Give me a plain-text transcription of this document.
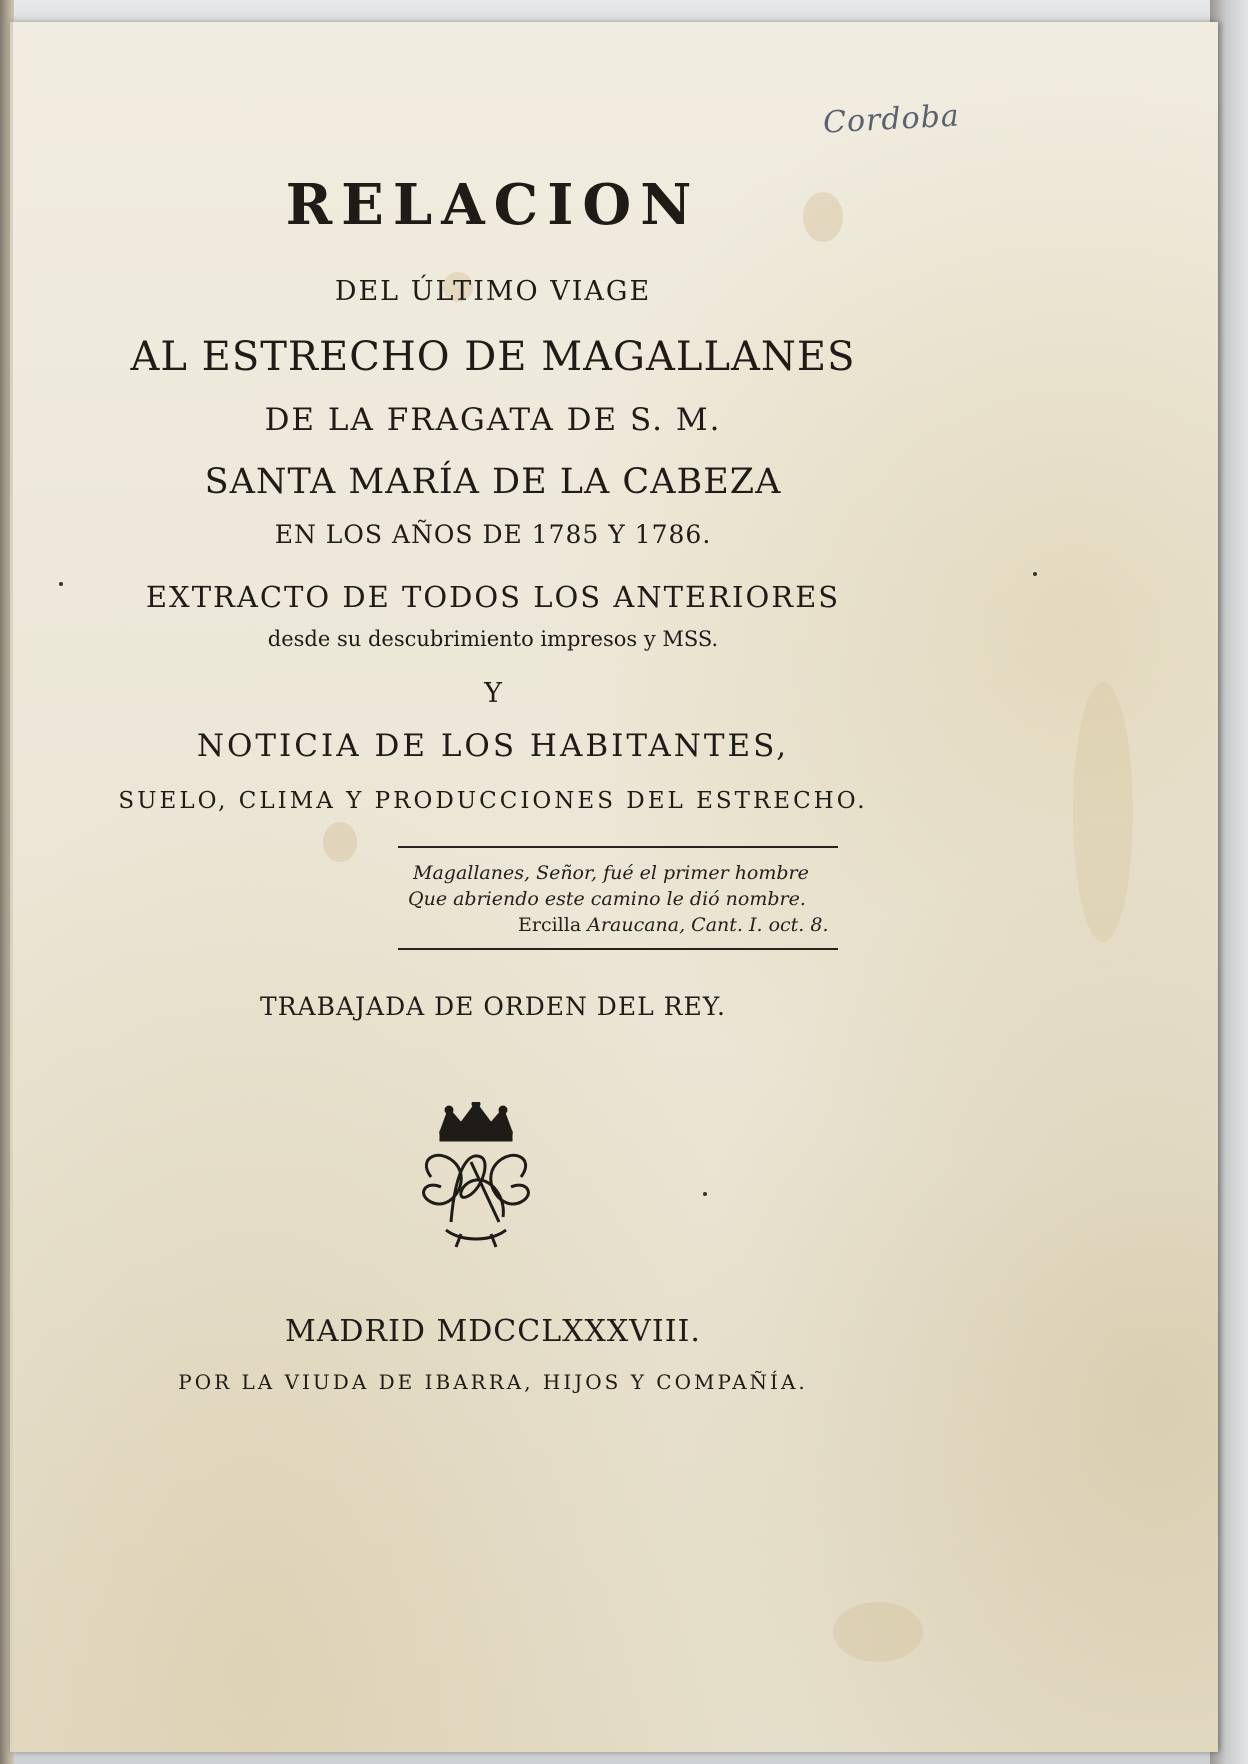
Cordoba
RELACION
DEL ÚLTIMO VIAGE
AL ESTRECHO DE MAGALLANES
DE LA FRAGATA DE S. M.
SANTA MARÍA DE LA CABEZA
EN LOS AÑOS DE 1785 Y 1786.
EXTRACTO DE TODOS LOS ANTERIORES
desde su descubrimiento impresos y MSS.
Y
NOTICIA DE LOS HABITANTES,
SUELO, CLIMA Y PRODUCCIONES DEL ESTRECHO.
Magallanes, Señor, fué el primer hombre
Que abriendo este camino le dió nombre.
Ercilla Araucana, Cant. I. oct. 8.
TRABAJADA DE ORDEN DEL REY.
MADRID MDCCLXXXVIII.
POR LA VIUDA DE IBARRA, HIJOS Y COMPAÑÍA.
